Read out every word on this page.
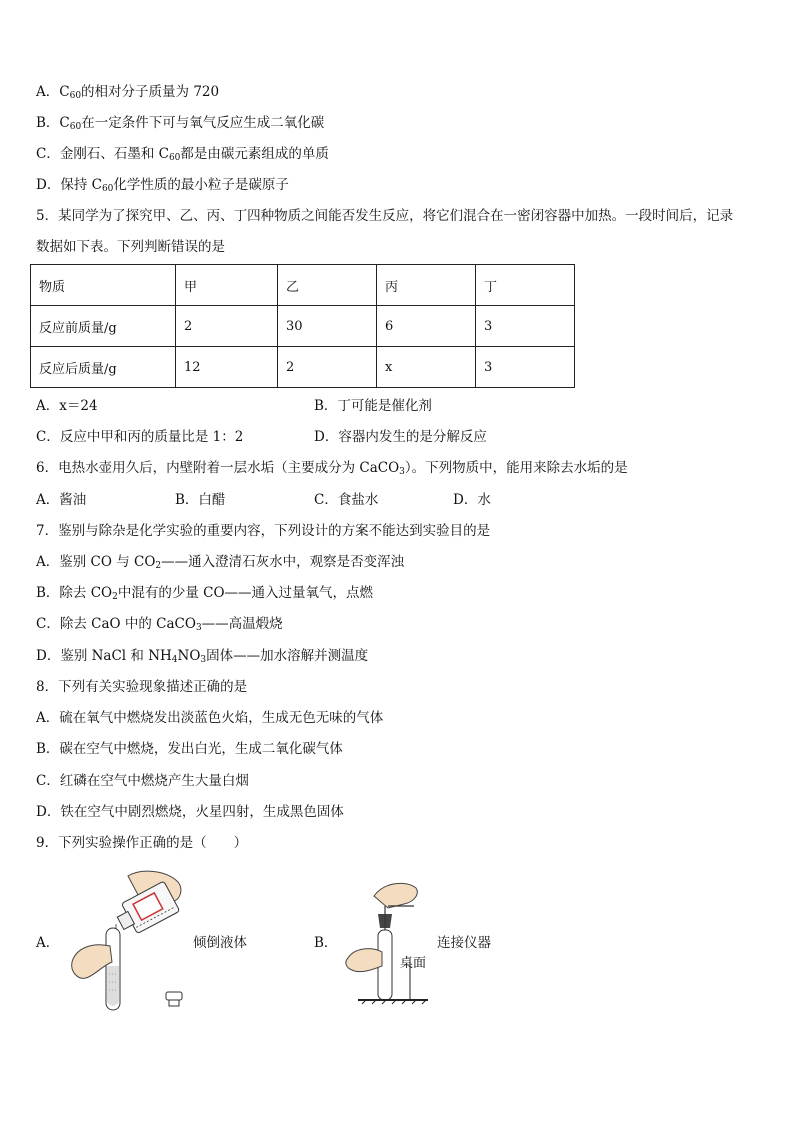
A．$C_{60}$的相对分子质量为 720
B．$C_{60}$在一定条件下可与氧气反应生成二氧化碳
C．金刚石、石墨和 $C_{60}$都是由碳元素组成的单质
D．保持 $C_{60}$化学性质的最小粒子是碳原子
5．某同学为了探究甲、乙、丙、丁四种物质之间能否发生反应，将它们混合在一密闭容器中加热。一段时间后，记录
数据如下表。下列判断错误的是
物质	甲	乙	丙	丁
反应前质量/g	2	30	6	3
反应后质量/g	12	2	x	3
A．x＝24	B．丁可能是催化剂
C．反应中甲和丙的质量比是 1：2	D．容器内发生的是分解反应
6．电热水壶用久后，内壁附着一层水垢（主要成分为 CaCO$_3$）。下列物质中，能用来除去水垢的是
A．酱油	B．白醋	C．食盐水	D．水
7．鉴别与除杂是化学实验的重要内容，下列设计的方案不能达到实验目的是
A．鉴别 CO 与 $CO_2——$通入澄清石灰水中，观察是否变浑浊
B．除去 $CO_2$中混有的少量 CO——通入过量氧气，点燃
C．除去 CaO 中的 CaCO$_3$——高温煅烧
D．鉴别 NaCl 和 $NH_4NO_3$固体——加水溶解并测温度
8．下列有关实验现象描述正确的是
A．硫在氧气中燃烧发出淡蓝色火焰，生成无色无味的气体
B．碳在空气中燃烧，发出白光，生成二氧化碳气体
C．红磷在空气中燃烧产生大量白烟
D．铁在空气中剧烈燃烧，火星四射，生成黑色固体
9．下列实验操作正确的是（　　）
A．	倾倒液体	B．
桌面
连接仪器
